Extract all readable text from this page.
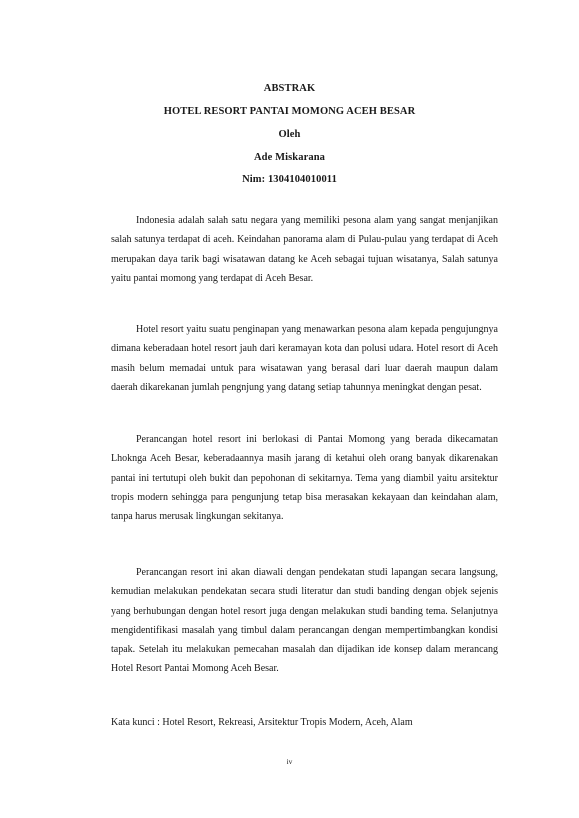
ABSTRAK
HOTEL RESORT PANTAI MOMONG ACEH BESAR
Oleh
Ade Miskarana
Nim: 1304104010011

Indonesia adalah salah satu negara yang memiliki pesona alam yang sangat menjanjikan salah satunya terdapat di aceh. Keindahan panorama alam di Pulau-pulau yang terdapat di Aceh merupakan daya tarik bagi wisatawan datang ke Aceh sebagai tujuan wisatanya, Salah satunya yaitu pantai momong yang terdapat di Aceh Besar.

Hotel resort yaitu suatu penginapan yang menawarkan pesona alam kepada pengujungnya dimana keberadaan hotel resort jauh dari keramayan kota dan polusi udara. Hotel resort di Aceh masih belum memadai untuk para wisatawan yang berasal dari luar daerah maupun dalam daerah dikarekanan jumlah pengnjung yang datang setiap tahunnya meningkat dengan pesat.

Perancangan hotel resort ini berlokasi di Pantai Momong yang berada dikecamatan Lhoknga Aceh Besar, keberadaannya masih jarang di ketahui oleh orang banyak dikarenakan pantai ini tertutupi oleh bukit dan pepohonan di sekitarnya. Tema yang diambil yaitu arsitektur tropis modern sehingga para pengunjung tetap bisa merasakan kekayaan dan keindahan alam, tanpa harus merusak lingkungan sekitanya.

Perancangan resort ini akan diawali dengan pendekatan studi lapangan secara langsung, kemudian melakukan pendekatan secara studi literatur dan studi banding dengan objek sejenis yang berhubungan dengan hotel resort juga dengan melakukan studi banding tema. Selanjutnya mengidentifikasi masalah yang timbul dalam perancangan dengan mempertimbangkan kondisi tapak. Setelah itu melakukan pemecahan masalah dan dijadikan ide konsep dalam merancang Hotel Resort Pantai Momong Aceh Besar.

Kata kunci : Hotel Resort, Rekreasi, Arsitektur Tropis Modern, Aceh, Alam
iv
